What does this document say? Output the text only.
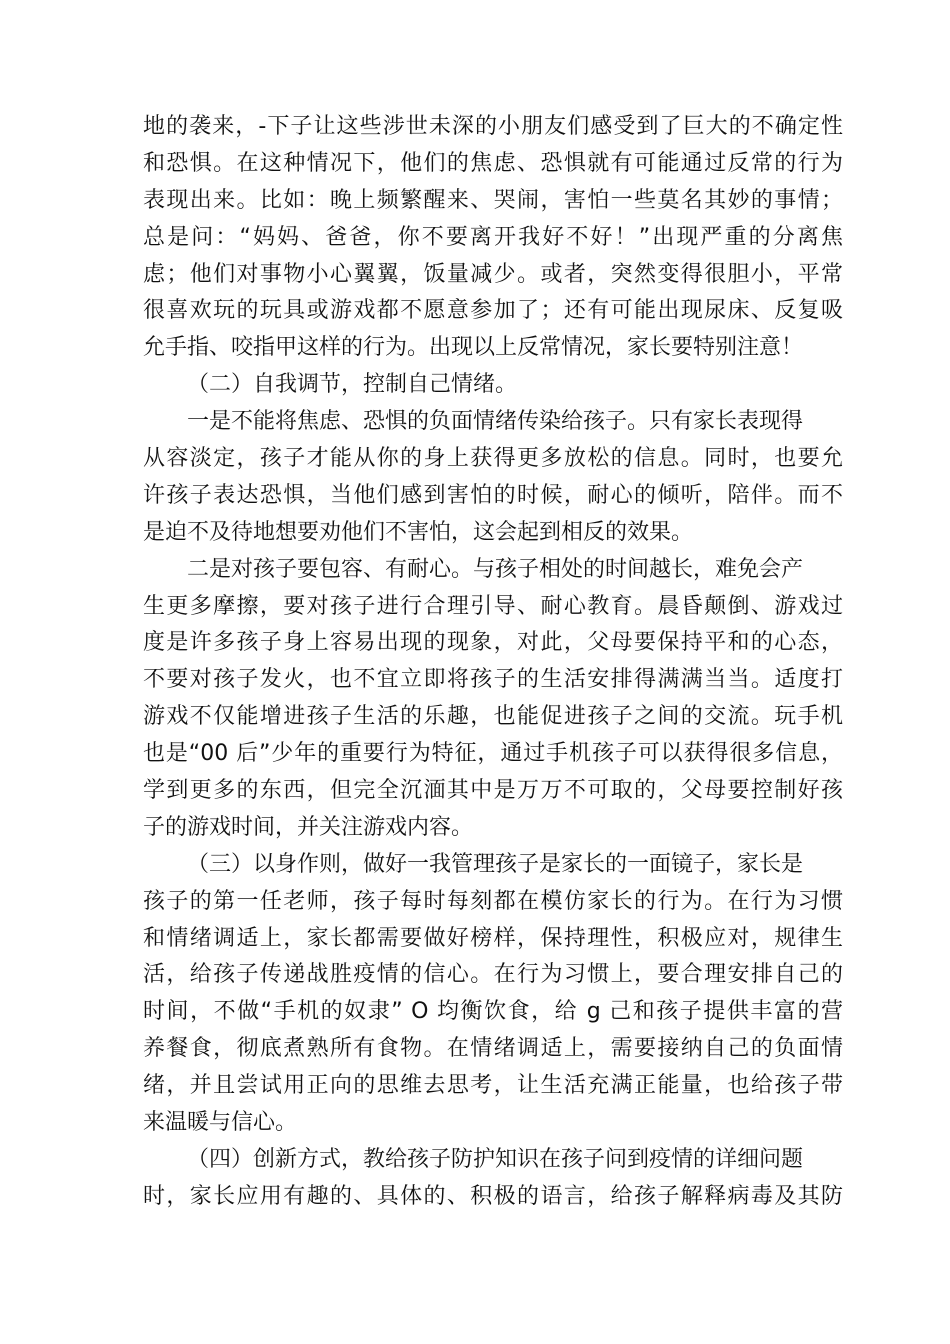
地的袭来，-下子让这些涉世未深的小朋友们感受到了巨大的不确定性
和恐惧。在这种情况下，他们的焦虑、恐惧就有可能通过反常的行为
表现出来。比如：晚上频繁醒来、哭闹，害怕一些莫名其妙的事情；
总是问：“妈妈、爸爸，你不要离开我好不好！”出现严重的分离焦
虑；他们对事物小心翼翼，饭量减少。或者，突然变得很胆小，平常
很喜欢玩的玩具或游戏都不愿意参加了；还有可能出现尿床、反复吸
允手指、咬指甲这样的行为。出现以上反常情况，家长要特别注意！
（二）自我调节，控制自己情绪。
一是不能将焦虑、恐惧的负面情绪传染给孩子。只有家长表现得
从容淡定，孩子才能从你的身上获得更多放松的信息。同时，也要允
许孩子表达恐惧，当他们感到害怕的时候，耐心的倾听，陪伴。而不
是迫不及待地想要劝他们不害怕，这会起到相反的效果。
二是对孩子要包容、有耐心。与孩子相处的时间越长，难免会产
生更多摩擦，要对孩子进行合理引导、耐心教育。晨昏颠倒、游戏过
度是许多孩子身上容易出现的现象，对此，父母要保持平和的心态，
不要对孩子发火，也不宜立即将孩子的生活安排得满满当当。适度打
游戏不仅能增进孩子生活的乐趣，也能促进孩子之间的交流。玩手机
也是“00 后”少年的重要行为特征，通过手机孩子可以获得很多信息，
学到更多的东西，但完全沉湎其中是万万不可取的，父母要控制好孩
子的游戏时间，并关注游戏内容。
（三）以身作则，做好一我管理孩子是家长的一面镜子，家长是
孩子的第一任老师，孩子每时每刻都在模仿家长的行为。在行为习惯
和情绪调适上，家长都需要做好榜样，保持理性，积极应对，规律生
活，给孩子传递战胜疫情的信心。在行为习惯上，要合理安排自己的
时间，不做“手机的奴隶” O 均衡饮食，给 g 己和孩子提供丰富的营
养餐食，彻底煮熟所有食物。在情绪调适上，需要接纳自己的负面情
绪，并且尝试用正向的思维去思考，让生活充满正能量，也给孩子带
来温暖与信心。
（四）创新方式，教给孩子防护知识在孩子问到疫情的详细问题
时，家长应用有趣的、具体的、积极的语言，给孩子解释病毒及其防
